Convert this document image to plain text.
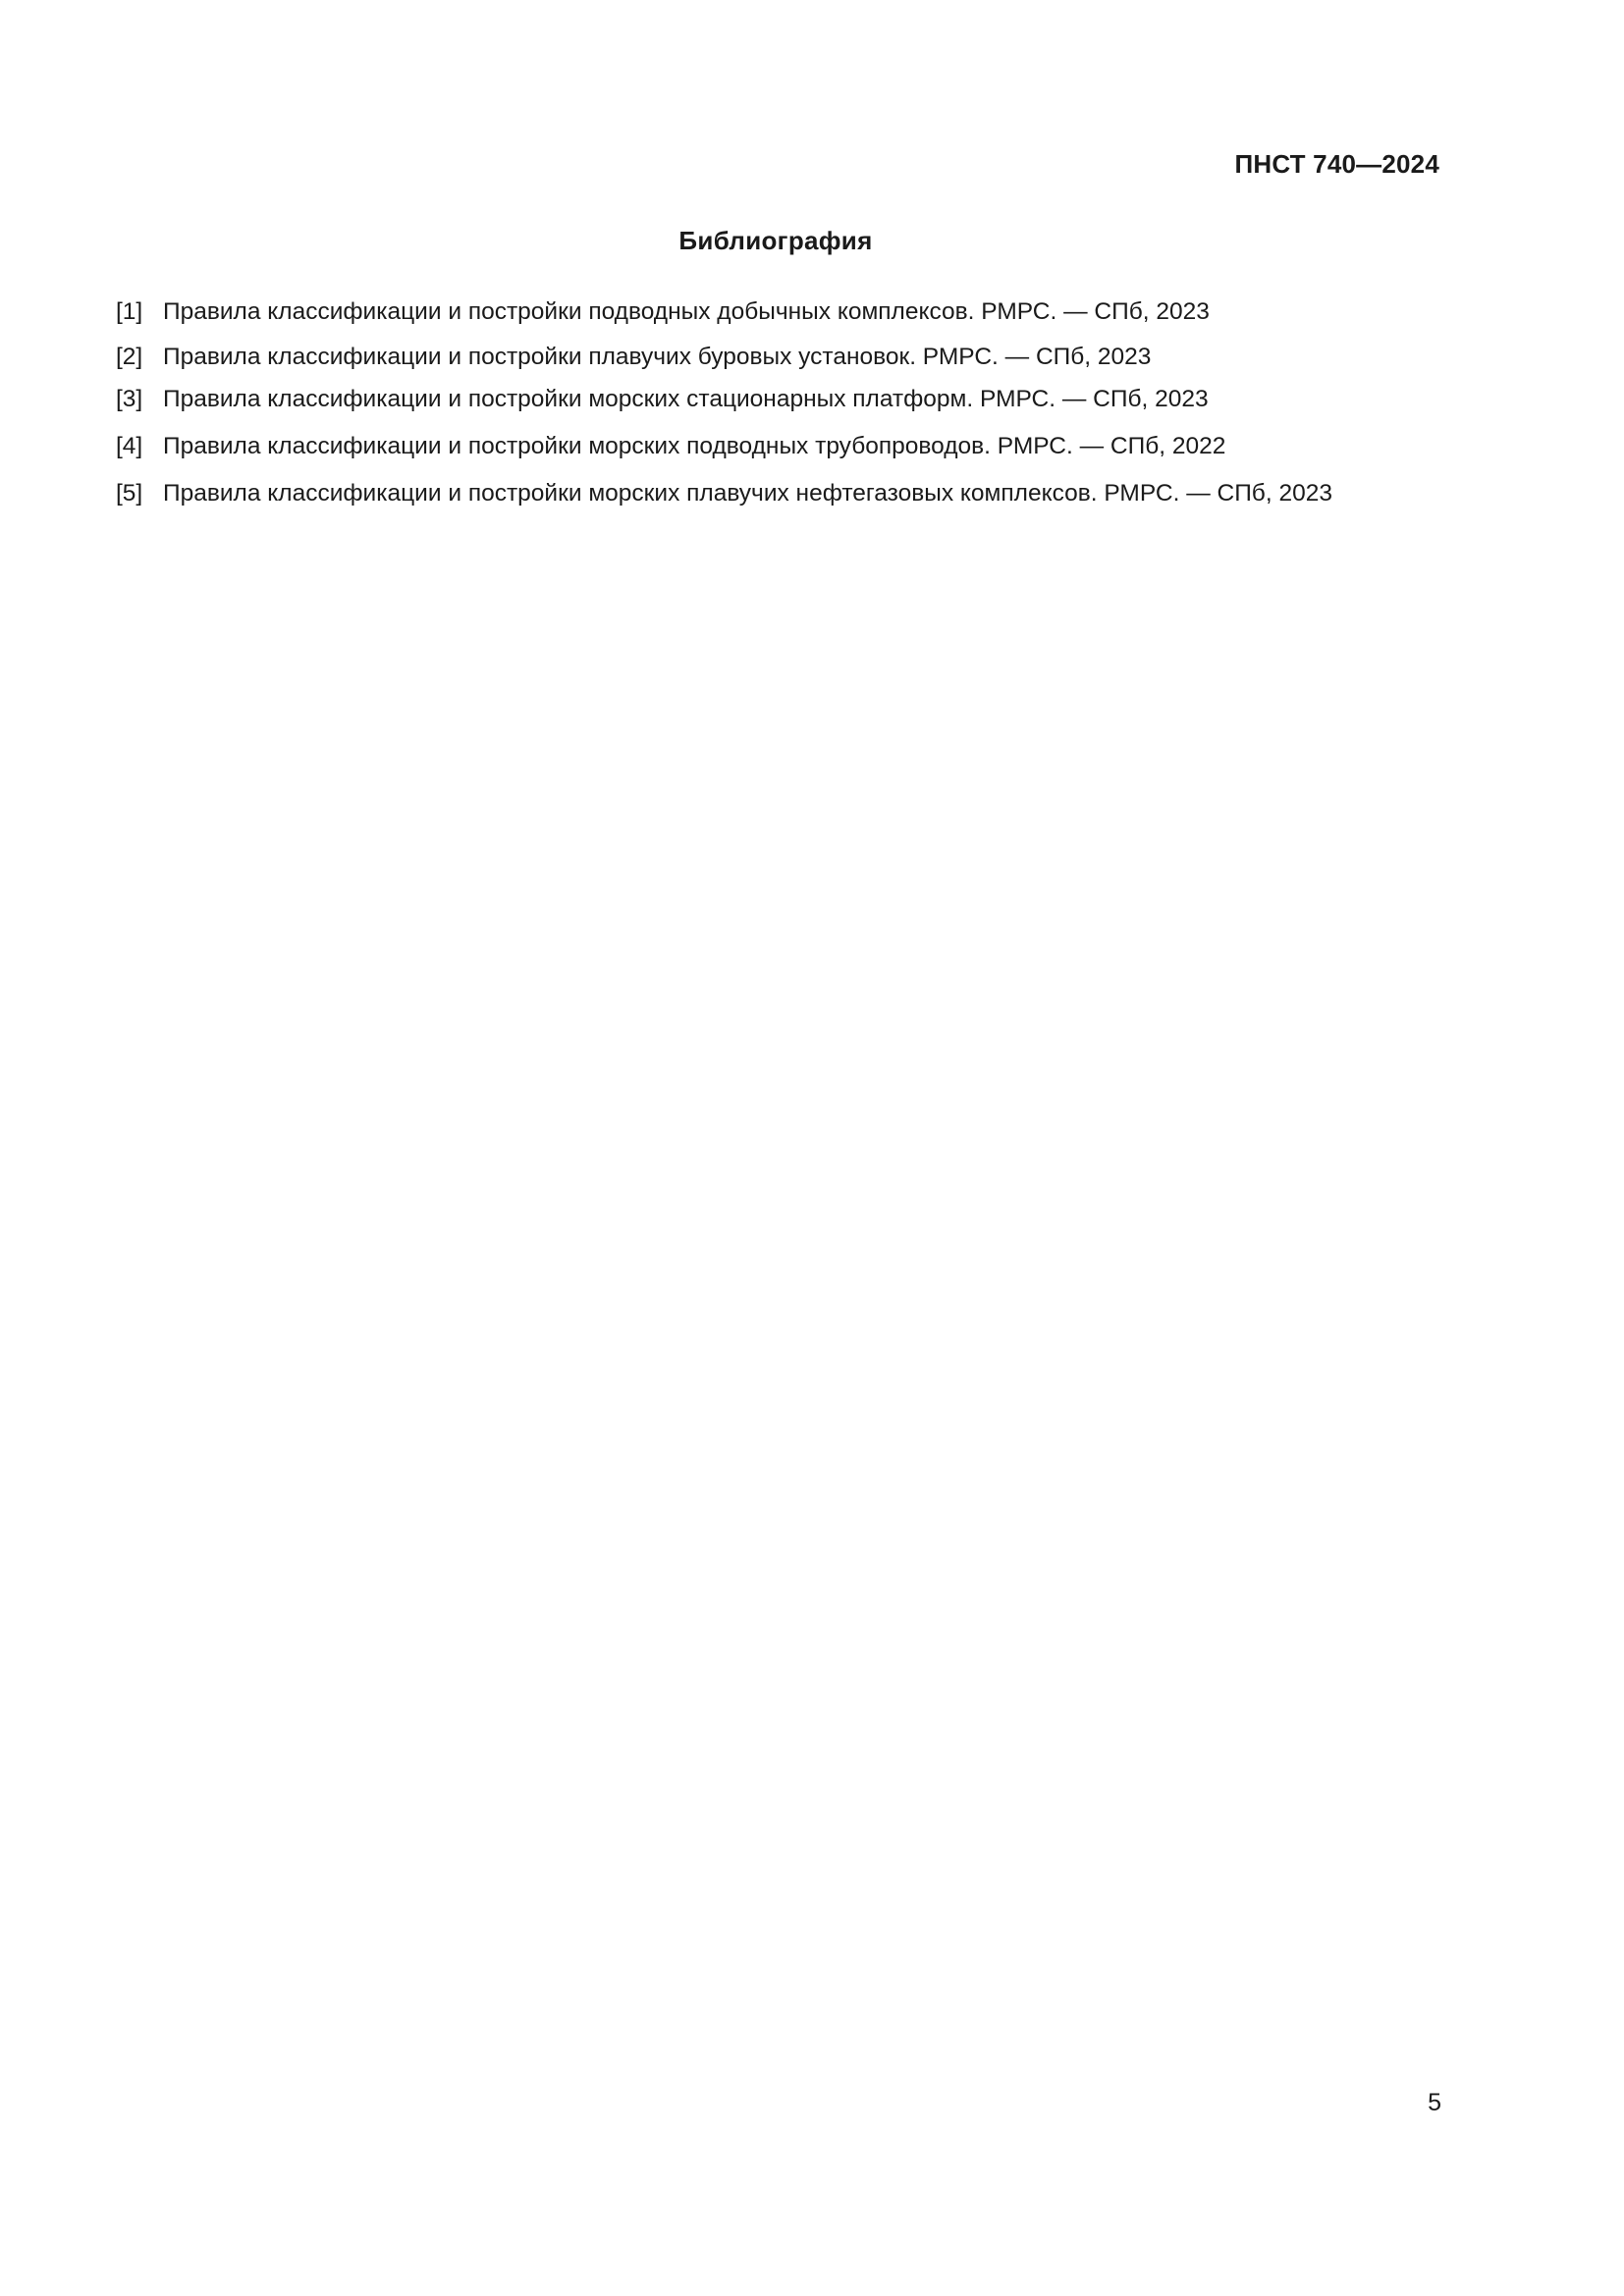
ПНСТ 740—2024
Библиография
[1] Правила классификации и постройки подводных добычных комплексов. РМРС. — СПб, 2023
[2] Правила классификации и постройки плавучих буровых установок. РМРС. — СПб, 2023
[3] Правила классификации и постройки морских стационарных платформ. РМРС. — СПб, 2023
[4] Правила классификации и постройки морских подводных трубопроводов. РМРС. — СПб, 2022
[5] Правила классификации и постройки морских плавучих нефтегазовых комплексов. РМРС. — СПб, 2023
5
